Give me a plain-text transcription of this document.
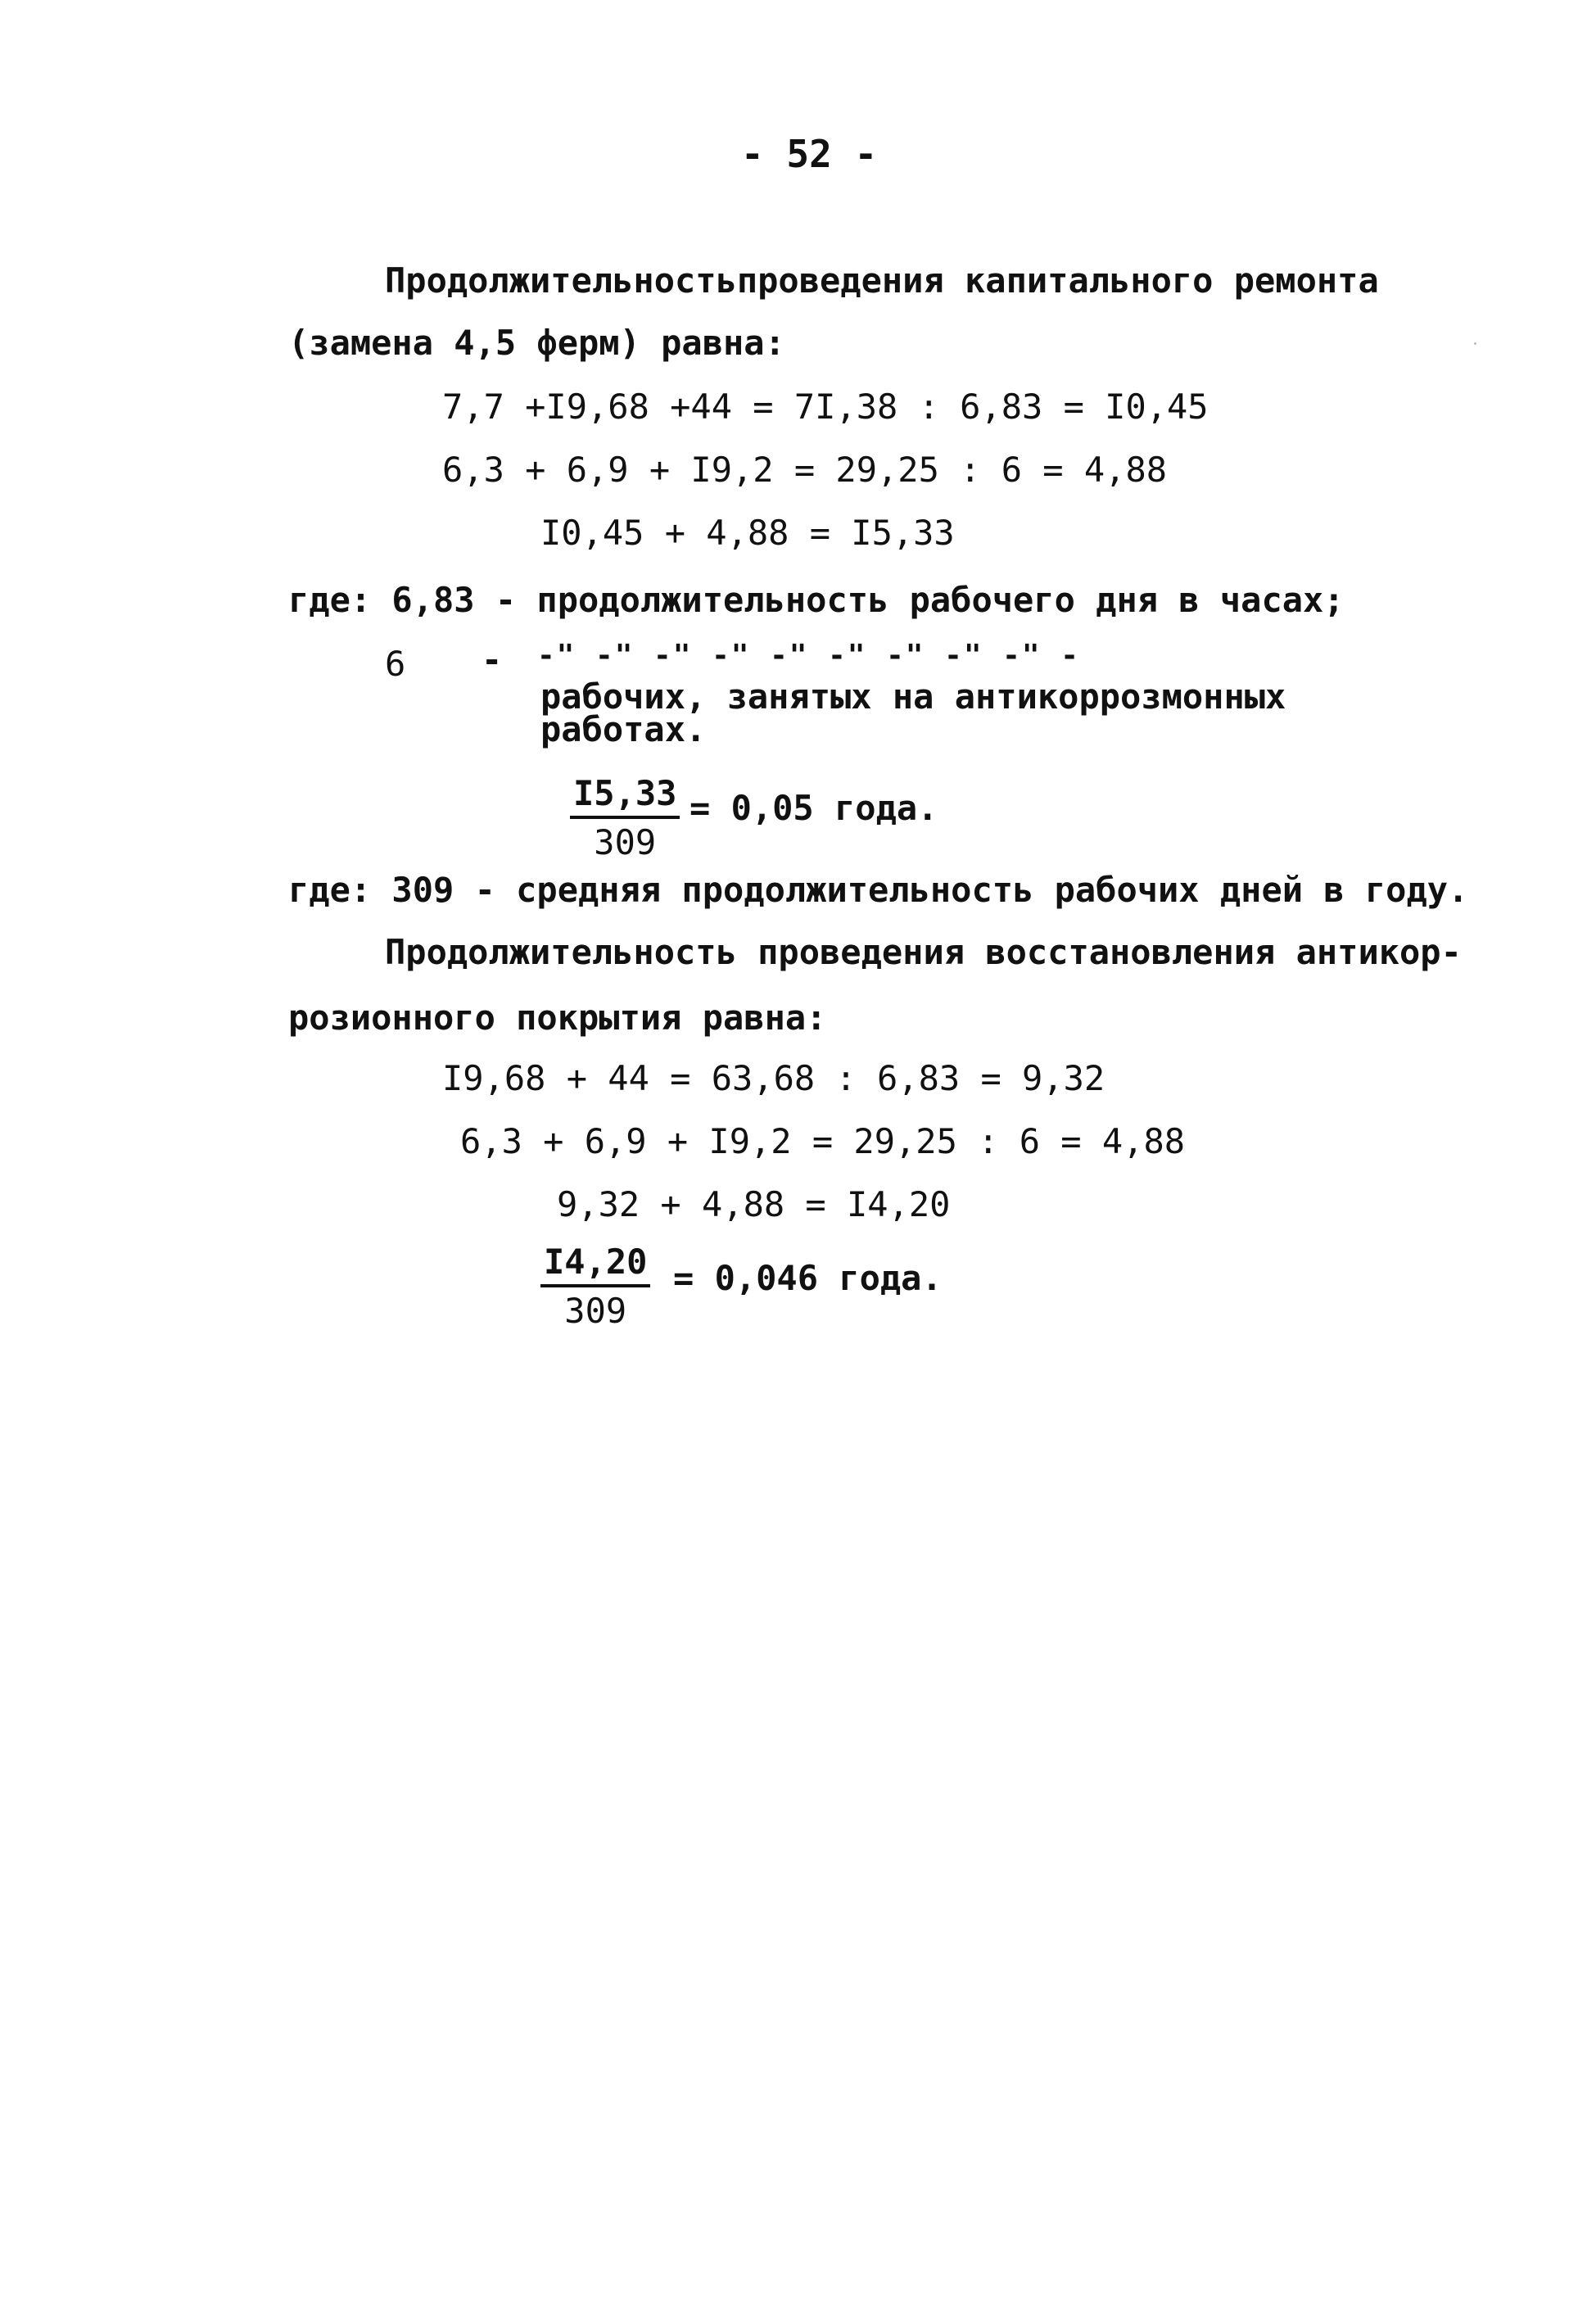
- 52 -
Продолжительностьпроведения капитального ремонта
(замена 4,5 ферм) равна:
7,7 +I9,68 +44 = 7I,38 : 6,83 = I0,45
6,3 + 6,9 + I9,2 = 29,25 : 6 = 4,88
I0,45 + 4,88 = I5,33
где: 6,83 - продолжительность рабочего дня в часах;
6 - -" -" -" -" -" -" -" -" -" -
рабочих, занятых на антикоррозмонных
работах.
$\frac{I5,33}{309} = 0,05$ года.
где: 309 - средняя продолжительность рабочих дней в году.
Продолжительность проведения восстановления антикор-
розионного покрытия равна:
I9,68 + 44 = 63,68 : 6,83 = 9,32
6,3 + 6,9 + I9,2 = 29,25 : 6 = 4,88
9,32 + 4,88 = I4,20
$\frac{I4,20}{309} = 0,046$ года.
